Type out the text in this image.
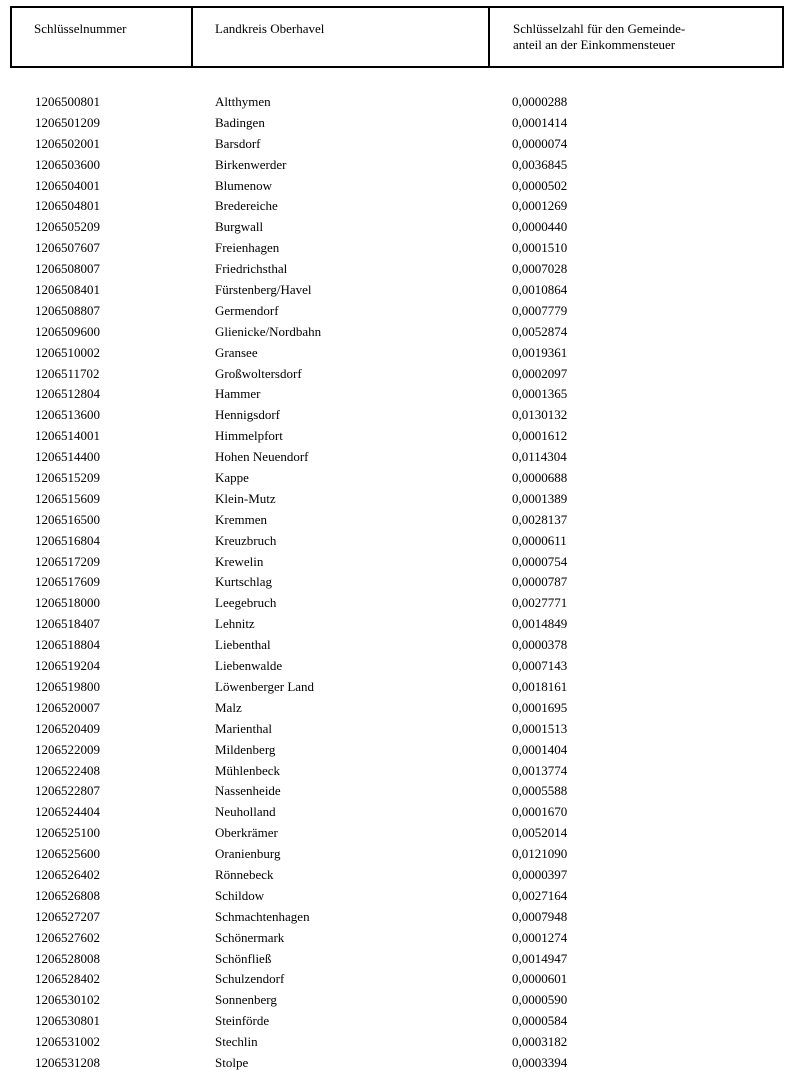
Schlüsselnummer	Landkreis Oberhavel	Schlüsselzahl für den Gemeinde-
anteil an der Einkommensteuer
1206500801	Altthymen	0,0000288
1206501209	Badingen	0,0001414
1206502001	Barsdorf	0,0000074
1206503600	Birkenwerder	0,0036845
1206504001	Blumenow	0,0000502
1206504801	Bredereiche	0,0001269
1206505209	Burgwall	0,0000440
1206507607	Freienhagen	0,0001510
1206508007	Friedrichsthal	0,0007028
1206508401	Fürstenberg/Havel	0,0010864
1206508807	Germendorf	0,0007779
1206509600	Glienicke/Nordbahn	0,0052874
1206510002	Gransee	0,0019361
1206511702	Großwoltersdorf	0,0002097
1206512804	Hammer	0,0001365
1206513600	Hennigsdorf	0,0130132
1206514001	Himmelpfort	0,0001612
1206514400	Hohen Neuendorf	0,0114304
1206515209	Kappe	0,0000688
1206515609	Klein-Mutz	0,0001389
1206516500	Kremmen	0,0028137
1206516804	Kreuzbruch	0,0000611
1206517209	Krewelin	0,0000754
1206517609	Kurtschlag	0,0000787
1206518000	Leegebruch	0,0027771
1206518407	Lehnitz	0,0014849
1206518804	Liebenthal	0,0000378
1206519204	Liebenwalde	0,0007143
1206519800	Löwenberger Land	0,0018161
1206520007	Malz	0,0001695
1206520409	Marienthal	0,0001513
1206522009	Mildenberg	0,0001404
1206522408	Mühlenbeck	0,0013774
1206522807	Nassenheide	0,0005588
1206524404	Neuholland	0,0001670
1206525100	Oberkrämer	0,0052014
1206525600	Oranienburg	0,0121090
1206526402	Rönnebeck	0,0000397
1206526808	Schildow	0,0027164
1206527207	Schmachtenhagen	0,0007948
1206527602	Schönermark	0,0001274
1206528008	Schönfließ	0,0014947
1206528402	Schulzendorf	0,0000601
1206530102	Sonnenberg	0,0000590
1206530801	Steinförde	0,0000584
1206531002	Stechlin	0,0003182
1206531208	Stolpe	0,0003394
